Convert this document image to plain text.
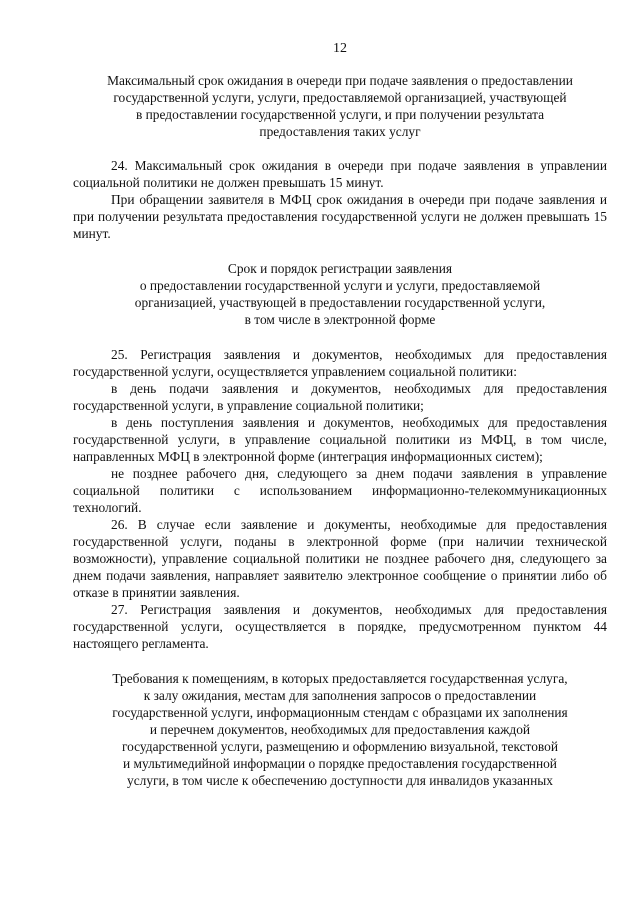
12
Максимальный срок ожидания в очереди при подаче заявления о предоставлении
государственной услуги, услуги, предоставляемой организацией, участвующей
в предоставлении государственной услуги, и при получении результата
предоставления таких услуг

24. Максимальный срок ожидания в очереди при подаче заявления в управлении социальной политики не должен превышать 15 минут.

При обращении заявителя в МФЦ срок ожидания в очереди при подаче заявления и при получении результата предоставления государственной услуги не должен превышать 15 минут.

Срок и порядок регистрации заявления
о предоставлении государственной услуги и услуги, предоставляемой
организацией, участвующей в предоставлении государственной услуги,
в том числе в электронной форме

25. Регистрация заявления и документов, необходимых для предоставления государственной услуги, осуществляется управлением социальной политики:

в день подачи заявления и документов, необходимых для предоставления государственной услуги, в управление социальной политики;

в день поступления заявления и документов, необходимых для предоставления государственной услуги, в управление социальной политики из МФЦ, в том числе, направленных МФЦ в электронной форме (интеграция информационных систем);

не позднее рабочего дня, следующего за днем подачи заявления в управление социальной политики с использованием информационно-телекоммуникационных технологий.

26. В случае если заявление и документы, необходимые для предоставления государственной услуги, поданы в электронной форме (при наличии технической возможности), управление социальной политики не позднее рабочего дня, следующего за днем подачи заявления, направляет заявителю электронное сообщение о принятии либо об отказе в принятии заявления.

27. Регистрация заявления и документов, необходимых для предоставления государственной услуги, осуществляется в порядке, предусмотренном пунктом 44 настоящего регламента.

Требования к помещениям, в которых предоставляется государственная услуга,
к залу ожидания, местам для заполнения запросов о предоставлении
государственной услуги, информационным стендам с образцами их заполнения
и перечнем документов, необходимых для предоставления каждой
государственной услуги, размещению и оформлению визуальной, текстовой
и мультимедийной информации о порядке предоставления государственной
услуги, в том числе к обеспечению доступности для инвалидов указанных
